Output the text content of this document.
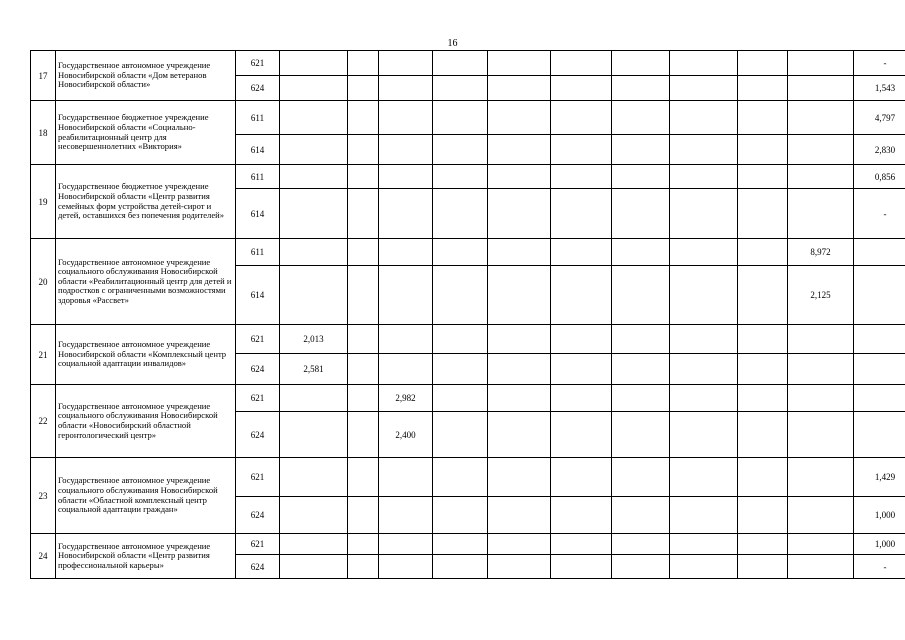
16
17	Государственное автономное учреждение Новосибирской области «Дом ветеранов Новосибирской области»	621											-
		624											1,543
18	Государственное бюджетное учреждение Новосибирской области «Социально-реабилитационный центр для несовершеннолетних «Виктория»	611											4,797
		614											2,830
19	Государственное бюджетное учреждение Новосибирской области «Центр развития семейных форм устройства детей-сирот и детей, оставшихся без попечения родителей»	611											0,856
		614											-
20	Государственное автономное учреждение социального обслуживания Новосибирской области «Реабилитационный центр для детей и подростков с ограниченными возможностями здоровья «Рассвет»	611										8,972	
		614										2,125	
21	Государственное автономное учреждение Новосибирской области «Комплексный центр социальной адаптации инвалидов»	621	2,013										
		624	2,581										
22	Государственное автономное учреждение социального обслуживания Новосибирской области «Новосибирский областной геронтологический центр»	621			2,982								
		624			2,400								
23	Государственное автономное учреждение социального обслуживания Новосибирской области «Областной комплексный центр социальной адаптации граждан»	621											1,429
		624											1,000
24	Государственное автономное учреждение Новосибирской области «Центр развития профессиональной карьеры»	621											1,000
		624											-
